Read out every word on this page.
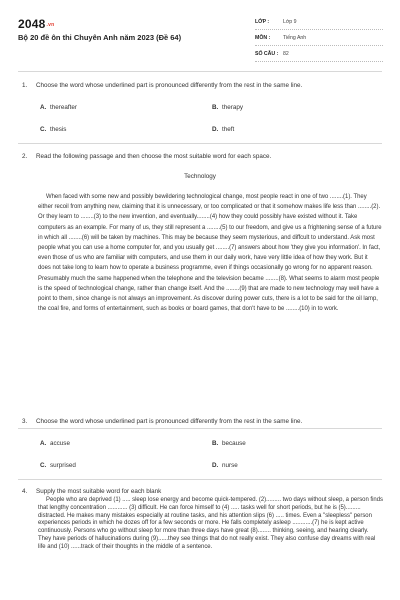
$2048^{.vn}$
Bộ 20 đề ôn thi Chuyên Anh năm 2023 (Đề 64)
LỚP :	Lớp 9
MÔN : Tiếng Anh
SỐ CÂU : 82
1. Choose the word whose underlined part is pronounced differently from the rest in the same line.
A. thereafter	B. therapy
C. thesis	D. theft
2. Read the following passage and then choose the most suitable word for each space.
Technology

When faced with some new and possibly bewildering technological change, most people react in one of two ........(1). They either recoil from anything new, claiming that it is unnecessary, or too complicated or that it somehow makes life less than ........(2). Or they learn to ........(3) to the new invention, and eventually........(4) how they could possibly have existed without it. Take computers as an example. For many of us, they still represent a ........(5) to our freedom, and give us a frightening sense of a future in which all ........(6) will be taken by machines. This may be because they seem mysterious, and diffcult to understand. Ask most people what you can use a home computer for, and you usually get ........(7) answers about how 'they give you information'. In fact, even those of us who are familiar with computers, and use them in our daily work, have very little idea of how they work. But it does not take long to learn how to operate a business programme, even if things occasionally go wrong for no apparent reason. Presumably much the same happened when the telephone and the television became ........(8). What seems to alarm most people is the speed of technological change, rather than change itself. And the ........(9) that are made to new technology may well have a point to them, since change is not always an improvement. As discover during power cuts, there is a lot to be said for the oil lamp, the coal fire, and forms of entertainment, such as books or board games, that don't have to be ........(10) in to work.

3. Choose the word whose underlined part is pronounced differently from the rest in the same line.
A. accuse	B. because
C. surprised	D. nurse
4. Supply the most suitable word for each blank

People who are deprived (1) ..... sleep lose energy and become quick-tempered. (2)......... two days without sleep, a person finds that lengthy concentration ............ (3) difficult. He can force himself to (4) ..... tasks well for short periods, but he is (5)......... distracted. He makes many mistakes especially at routine tasks, and his attention slips (6) ..... times. Even a "sleepless" person experiences periods in which he dozes off for a few seconds or more. He falls completely asleep ............(7) he is kept active continuously. Persons who go without sleep for more than three days have great (8)........ thinking, seeing, and hearing clearly. They have periods of hallucinations during (9)......they see things that do not really exist. They also confuse day dreams with real life and (10) ......track of their thoughts in the middle of a sentence.
